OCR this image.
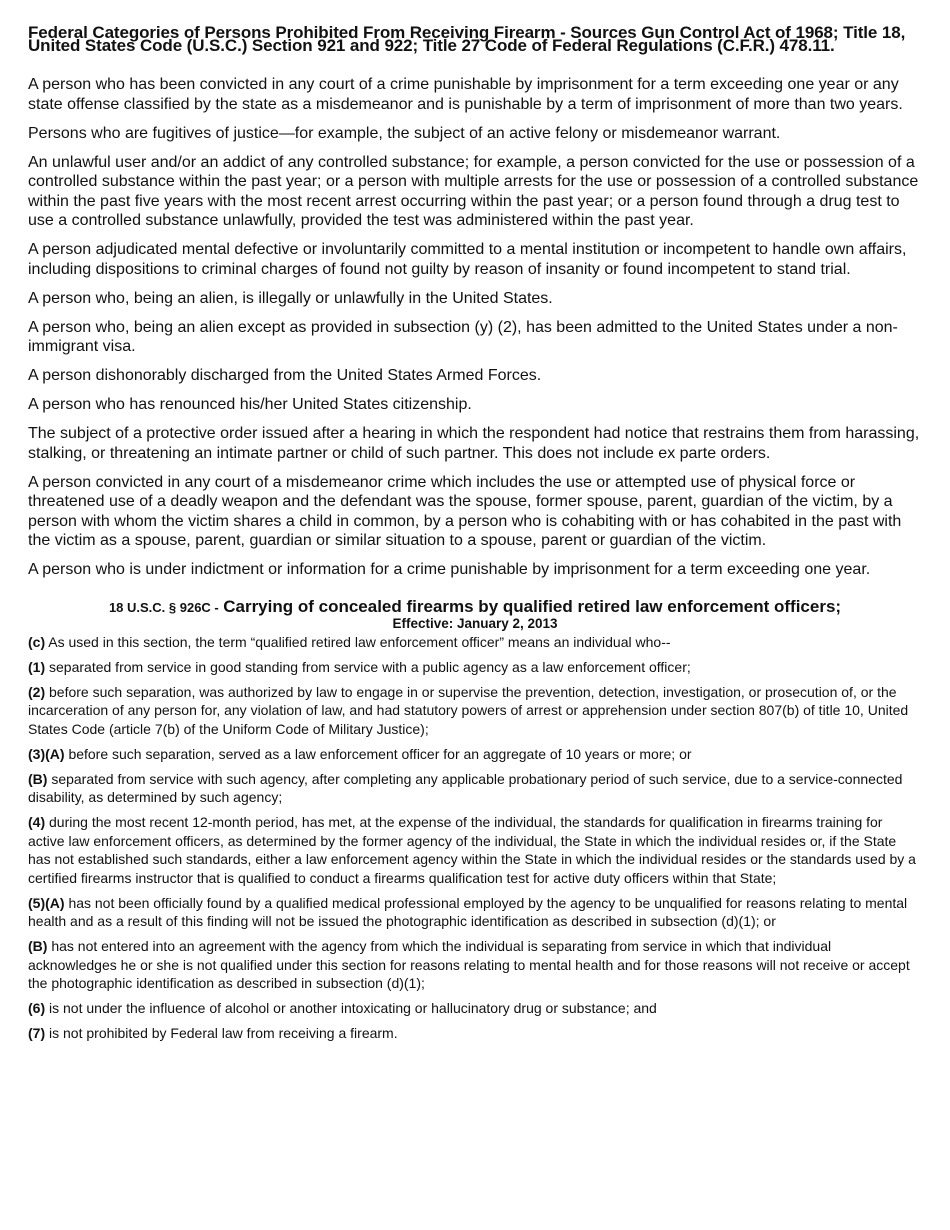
Federal Categories of Persons Prohibited From Receiving Firearm - Sources Gun Control Act of 1968; Title 18, United States Code (U.S.C.) Section 921 and 922; Title 27 Code of Federal Regulations (C.F.R.) 478.11.

A person who has been convicted in any court of a crime punishable by imprisonment for a term exceeding one year or any state offense classified by the state as a misdemeanor and is punishable by a term of imprisonment of more than two years.

Persons who are fugitives of justice—for example, the subject of an active felony or misdemeanor warrant.

An unlawful user and/or an addict of any controlled substance; for example, a person convicted for the use or possession of a controlled substance within the past year; or a person with multiple arrests for the use or possession of a controlled substance within the past five years with the most recent arrest occurring within the past year; or a person found through a drug test to use a controlled substance unlawfully, provided the test was administered within the past year.

A person adjudicated mental defective or involuntarily committed to a mental institution or incompetent to handle own affairs, including dispositions to criminal charges of found not guilty by reason of insanity or found incompetent to stand trial.

A person who, being an alien, is illegally or unlawfully in the United States.

A person who, being an alien except as provided in subsection (y) (2), has been admitted to the United States under a non-immigrant visa.

A person dishonorably discharged from the United States Armed Forces.

A person who has renounced his/her United States citizenship.

The subject of a protective order issued after a hearing in which the respondent had notice that restrains them from harassing, stalking, or threatening an intimate partner or child of such partner. This does not include ex parte orders.

A person convicted in any court of a misdemeanor crime which includes the use or attempted use of physical force or threatened use of a deadly weapon and the defendant was the spouse, former spouse, parent, guardian of the victim, by a person with whom the victim shares a child in common, by a person who is cohabiting with or has cohabited in the past with the victim as a spouse, parent, guardian or similar situation to a spouse, parent or guardian of the victim.

A person who is under indictment or information for a crime punishable by imprisonment for a term exceeding one year.

18 U.S.C. § 926C - Carrying of concealed firearms by qualified retired law enforcement officers;
Effective: January 2, 2013

(c) As used in this section, the term “qualified retired law enforcement officer” means an individual who--

(1) separated from service in good standing from service with a public agency as a law enforcement officer;

(2) before such separation, was authorized by law to engage in or supervise the prevention, detection, investigation, or prosecution of, or the incarceration of any person for, any violation of law, and had statutory powers of arrest or apprehension under section 807(b) of title 10, United States Code (article 7(b) of the Uniform Code of Military Justice);

(3)(A) before such separation, served as a law enforcement officer for an aggregate of 10 years or more; or

(B) separated from service with such agency, after completing any applicable probationary period of such service, due to a service-connected disability, as determined by such agency;

(4) during the most recent 12-month period, has met, at the expense of the individual, the standards for qualification in firearms training for active law enforcement officers, as determined by the former agency of the individual, the State in which the individual resides or, if the State has not established such standards, either a law enforcement agency within the State in which the individual resides or the standards used by a certified firearms instructor that is qualified to conduct a firearms qualification test for active duty officers within that State;

(5)(A) has not been officially found by a qualified medical professional employed by the agency to be unqualified for reasons relating to mental health and as a result of this finding will not be issued the photographic identification as described in subsection (d)(1); or

(B) has not entered into an agreement with the agency from which the individual is separating from service in which that individual acknowledges he or she is not qualified under this section for reasons relating to mental health and for those reasons will not receive or accept the photographic identification as described in subsection (d)(1);

(6) is not under the influence of alcohol or another intoxicating or hallucinatory drug or substance; and

(7) is not prohibited by Federal law from receiving a firearm.
